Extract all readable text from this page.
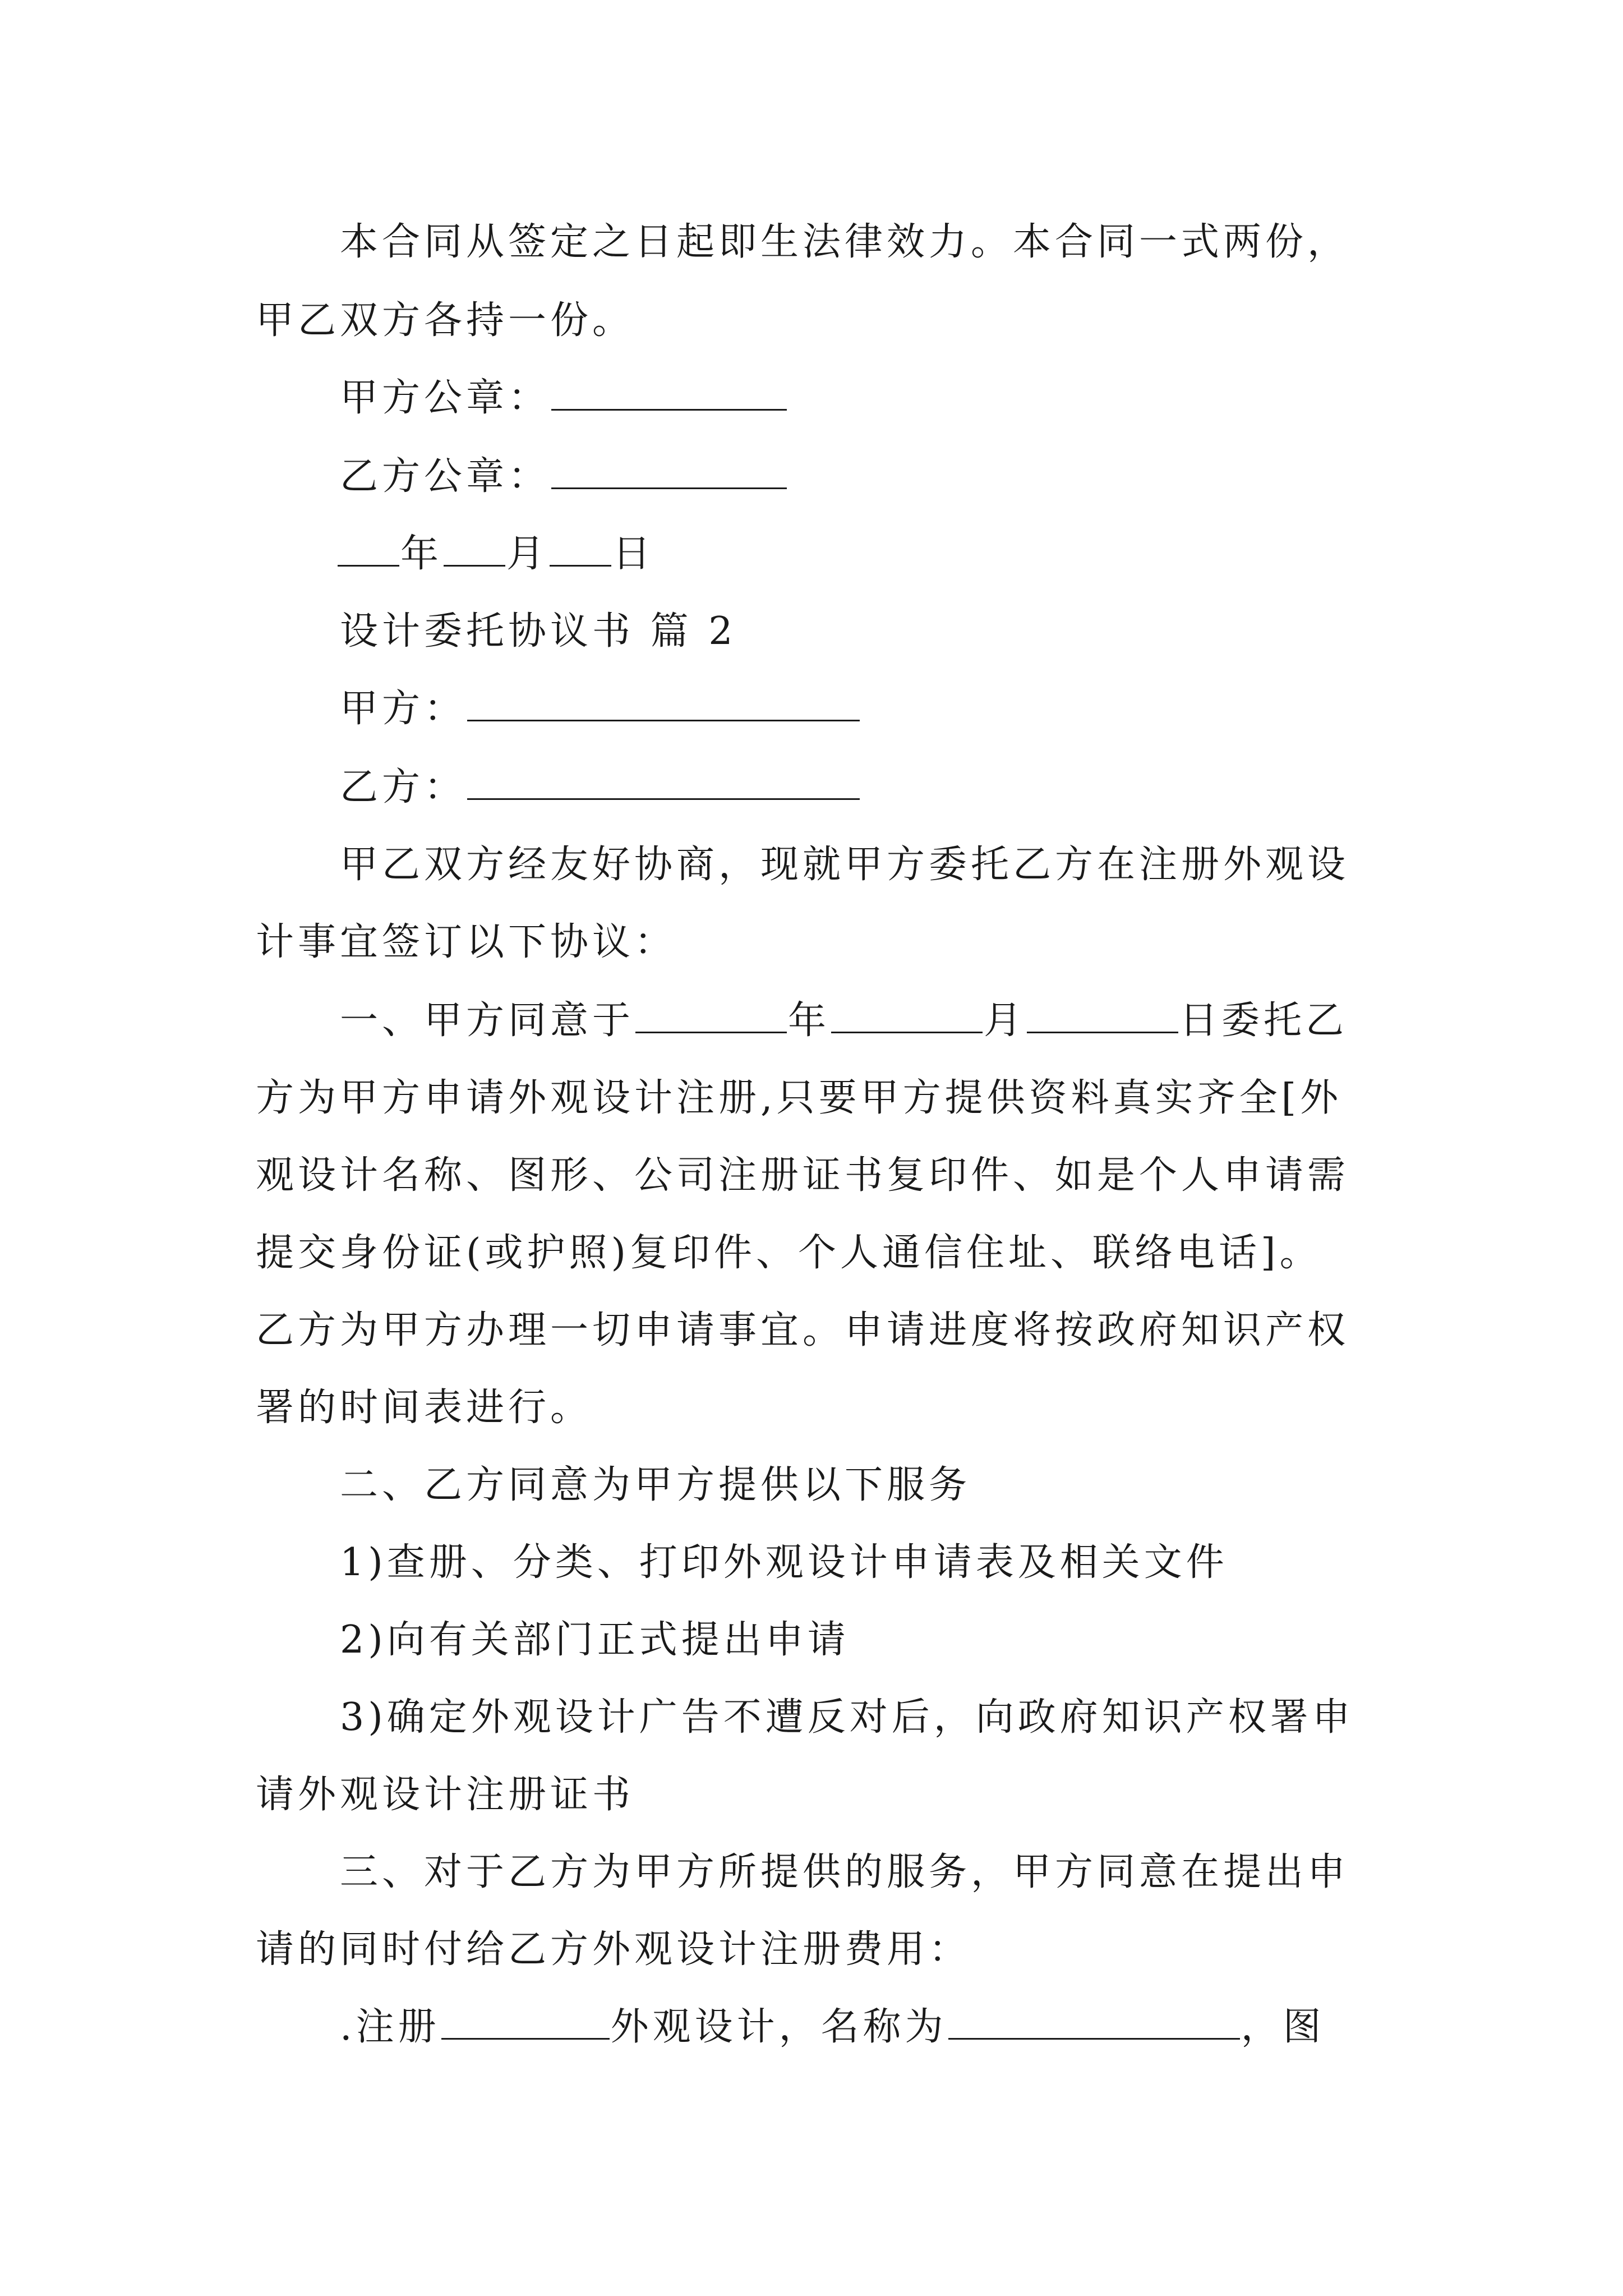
本合同从签定之日起即生法律效力。本合同一式两份，
甲乙双方各持一份。
甲方公章：
乙方公章：
年 月 日
设计委托协议书 篇 2
甲方：
乙方：
甲乙双方经友好协商，现就甲方委托乙方在注册外观设
计事宜签订以下协议：
一、甲方同意于	年	月	日委托乙
方为甲方申请外观设计注册,只要甲方提供资料真实齐全[外
观设计名称、图形、公司注册证书复印件、如是个人申请需
提交身份证(或护照)复印件、个人通信住址、联络电话]。
乙方为甲方办理一切申请事宜。申请进度将按政府知识产权
署的时间表进行。
二、乙方同意为甲方提供以下服务
1)查册、分类、打印外观设计申请表及相关文件
2)向有关部门正式提出申请
3)确定外观设计广告不遭反对后，向政府知识产权署申
请外观设计注册证书
三、对于乙方为甲方所提供的服务，甲方同意在提出申
请的同时付给乙方外观设计注册费用：
.注册	外观设计，名称为	，图
